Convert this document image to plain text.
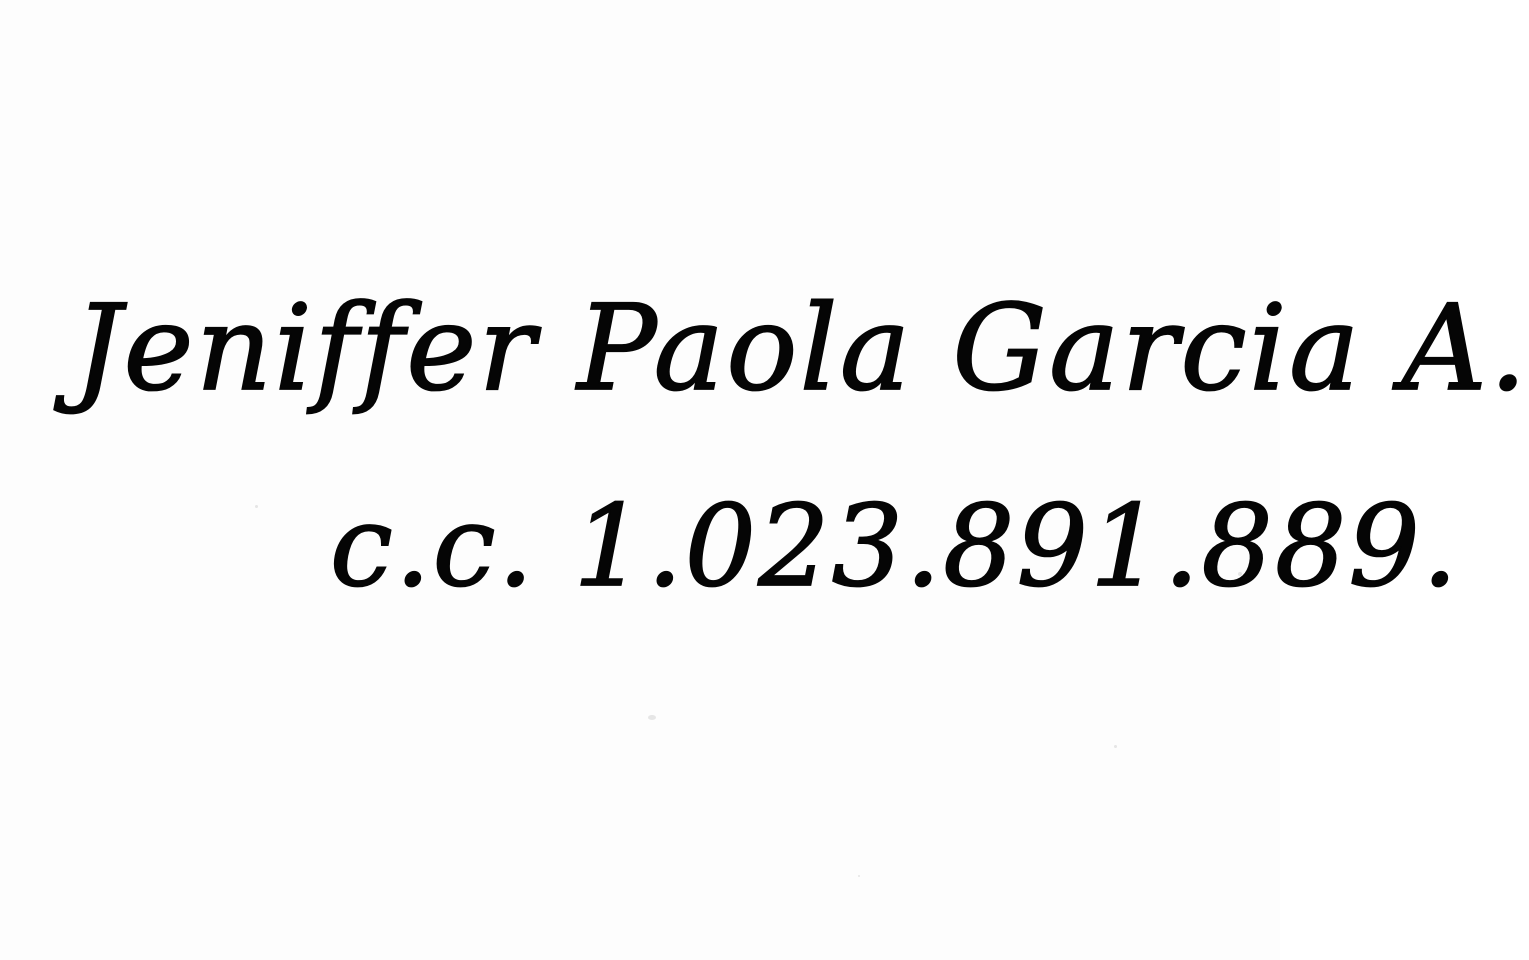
Jeniffer Paola Garcia A.
c.c. 1.023.891.889.
